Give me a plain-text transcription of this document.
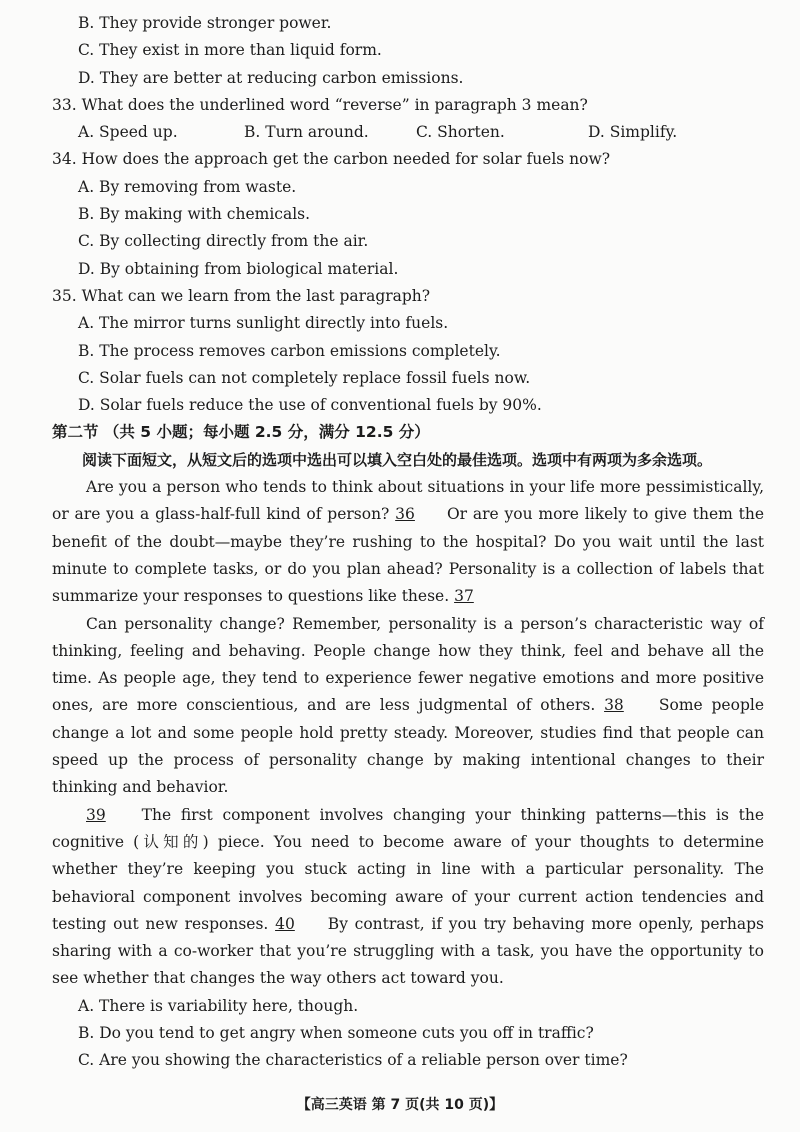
B. They provide stronger power.
C. They exist in more than liquid form.
D. They are better at reducing carbon emissions.
33. What does the underlined word “reverse” in paragraph 3 mean?
A. Speed up.	B. Turn around.	C. Shorten.	D. Simplify.
34. How does the approach get the carbon needed for solar fuels now?
A. By removing from waste.
B. By making with chemicals.
C. By collecting directly from the air.
D. By obtaining from biological material.
35. What can we learn from the last paragraph?
A. The mirror turns sunlight directly into fuels.
B. The process removes carbon emissions completely.
C. Solar fuels can not completely replace fossil fuels now.
D. Solar fuels reduce the use of conventional fuels by 90%.
第二节 （共 5 小题；每小题 2.5 分，满分 12.5 分）
阅读下面短文，从短文后的选项中选出可以填入空白处的最佳选项。选项中有两项为多余选项。
Are you a person who tends to think about situations in your life more pessimistically, or are you a glass-half-full kind of person? 36 Or are you more likely to give them the benefit of the doubt—maybe they’re rushing to the hospital? Do you wait until the last minute to complete tasks, or do you plan ahead? Personality is a collection of labels that summarize your responses to questions like these. 37
Can personality change? Remember, personality is a person’s characteristic way of thinking, feeling and behaving. People change how they think, feel and behave all the time. As people age, they tend to experience fewer negative emotions and more positive ones, are more conscientious, and are less judgmental of others. 38 Some people change a lot and some people hold pretty steady. Moreover, studies find that people can speed up the process of personality change by making intentional changes to their thinking and behavior.
39 The first component involves changing your thinking patterns—this is the cognitive (认知的) piece. You need to become aware of your thoughts to determine whether they’re keeping you stuck acting in line with a particular personality. The behavioral component involves becoming aware of your current action tendencies and testing out new responses. 40 By contrast, if you try behaving more openly, perhaps sharing with a co-worker that you’re struggling with a task, you have the opportunity to see whether that changes the way others act toward you.
A. There is variability here, though.
B. Do you tend to get angry when someone cuts you off in traffic?
C. Are you showing the characteristics of a reliable person over time?
【高三英语 第 7 页(共 10 页)】
